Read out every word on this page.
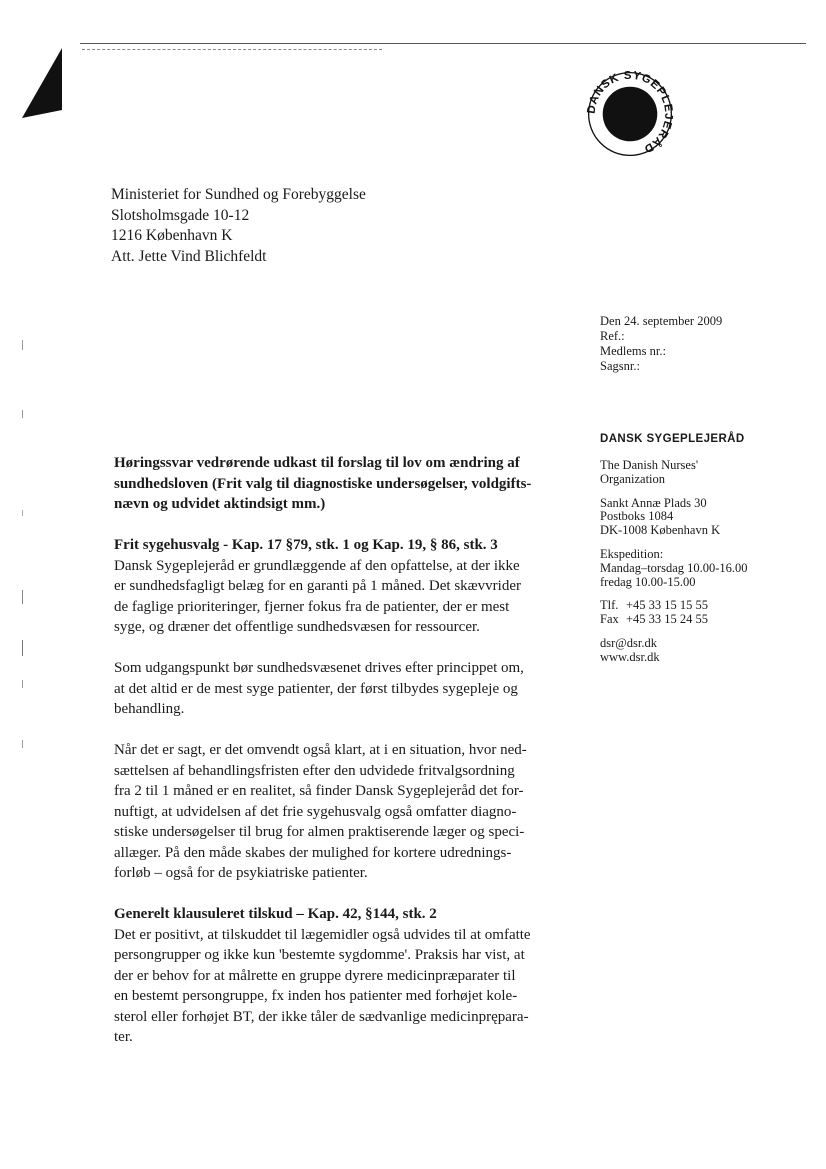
DANSK SYGEPLEJERÅD
Ministeriet for Sundhed og Forebyggelse
Slotsholmsgade 10-12
1216 København K
Att. Jette Vind Blichfeldt
Den 24. september 2009
Ref.:
Medlems nr.:
Sagsnr.:
DANSK SYGEPLEJERÅD
The Danish Nurses'
Organization
Sankt Annæ Plads 30
Postboks 1084
DK-1008 København K
Ekspedition:
Mandag–torsdag 10.00-16.00
fredag 10.00-15.00
Tlf. +45 33 15 15 55
Fax +45 33 15 24 55
dsr@dsr.dk
www.dsr.dk
Høringssvar vedrørende udkast til forslag til lov om ændring af
sundhedsloven (Frit valg til diagnostiske undersøgelser, voldgifts-
nævn og udvidet aktindsigt mm.)
Frit sygehusvalg - Kap. 17 §79, stk. 1 og Kap. 19, § 86, stk. 3

Dansk Sygeplejeråd er grundlæggende af den opfattelse, at der ikke
er sundhedsfagligt belæg for en garanti på 1 måned. Det skævvrider
de faglige prioriteringer, fjerner fokus fra de patienter, der er mest
syge, og dræner det offentlige sundhedsvæsen for ressourcer.

Som udgangspunkt bør sundhedsvæsenet drives efter princippet om,
at det altid er de mest syge patienter, der først tilbydes sygepleje og
behandling.

Når det er sagt, er det omvendt også klart, at i en situation, hvor ned-
sættelsen af behandlingsfristen efter den udvidede fritvalgsordning
fra 2 til 1 måned er en realitet, så finder Dansk Sygeplejeråd det for-
nuftigt, at udvidelsen af det frie sygehusvalg også omfatter diagno-
stiske undersøgelser til brug for almen praktiserende læger og speci-
allæger. På den måde skabes der mulighed for kortere udrednings-
forløb – også for de psykiatriske patienter.

Generelt klausuleret tilskud – Kap. 42, §144, stk. 2

Det er positivt, at tilskuddet til lægemidler også udvides til at omfatte
persongrupper og ikke kun 'bestemte sygdomme'. Praksis har vist, at
der er behov for at målrette en gruppe dyrere medicinpræparater til
en bestemt persongruppe, fx inden hos patienter med forhøjet kole-
sterol eller forhøjet BT, der ikke tåler de sædvanlige medicinprępara-
ter.
